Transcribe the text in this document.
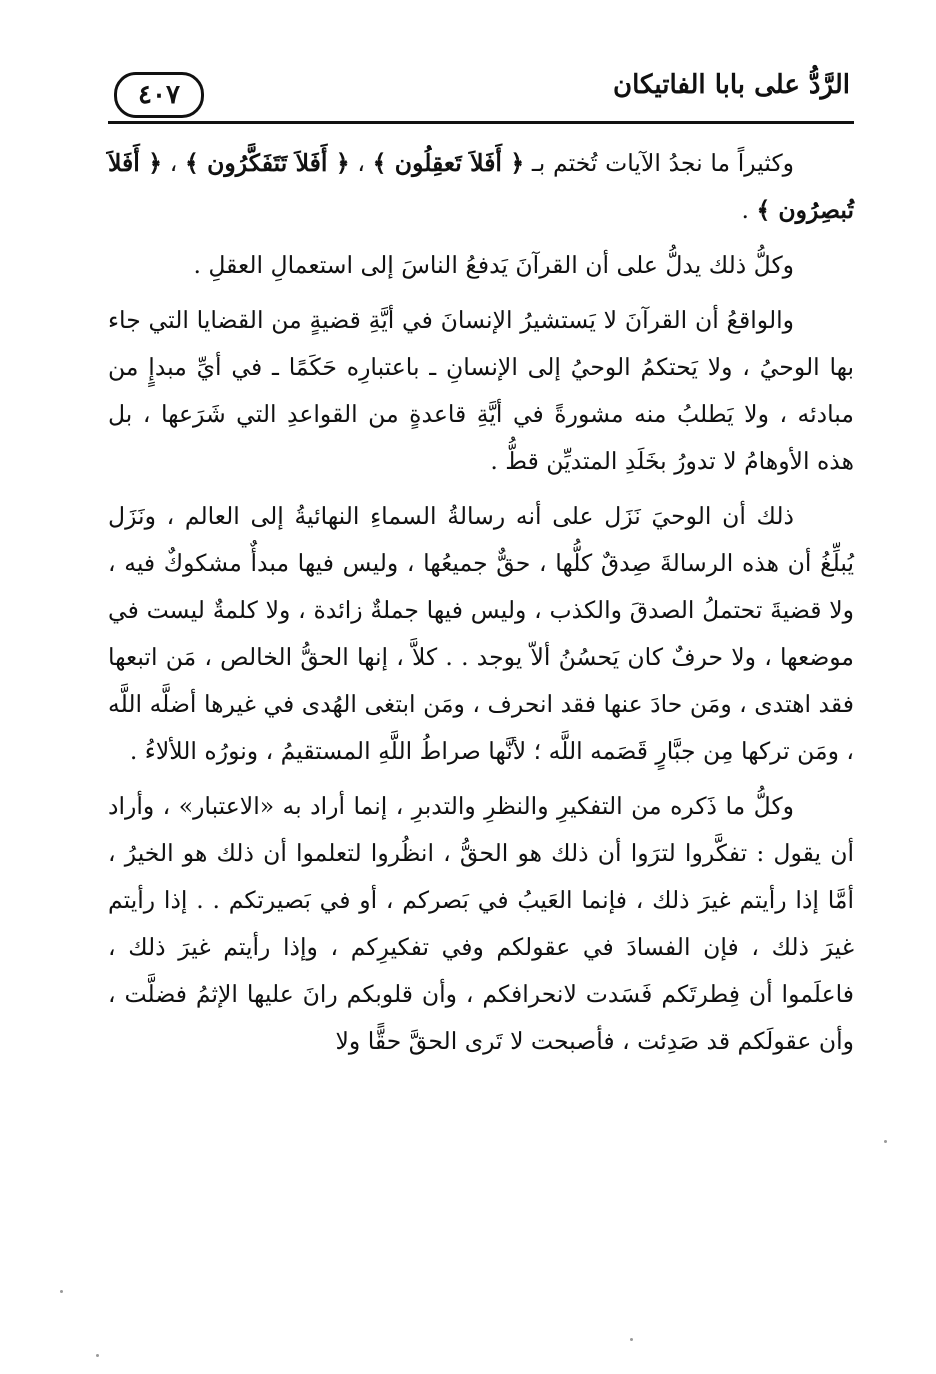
الرَّدُّ على بابا الفاتيكان
٤٠٧

وكثيراً ما نجدُ الآيات تُختم بـ ﴿ أَفَلاَ تَعقِلُون ﴾ ، ﴿ أَفَلاَ تَتَفَكَّرُون ﴾ ، ﴿ أَفَلاَ تُبصِرُون ﴾ .

وكلُّ ذلك يدلُّ على أن القرآنَ يَدفعُ الناسَ إلى استعمالِ العقلِ .

والواقعُ أن القرآنَ لا يَستشيرُ الإنسانَ في أيَّةِ قضيةٍ من القضايا التي جاء بها الوحيُ ، ولا يَحتكمُ الوحيُ إلى الإنسانِ ـ باعتبارِه حَكَمًا ـ في أيِّ مبدإٍ من مبادئه ، ولا يَطلبُ منه مشورةً في أيَّةِ قاعدةٍ من القواعدِ التي شَرَعها ، بل هذه الأوهامُ لا تدورُ بخَلَدِ المتديِّن قطُّ .

ذلك أن الوحيَ نَزَل على أنه رسالةُ السماءِ النهائيةُ إلى العالم ، ونَزَل يُبلِّغُ أن هذه الرسالةَ صِدقٌ كلُّها ، حقٌّ جميعُها ، وليس فيها مبدأٌ مشكوكٌ فيه ، ولا قضيةَ تحتملُ الصدقَ والكذب ، وليس فيها جملةٌ زائدة ، ولا كلمةٌ ليست في موضعها ، ولا حرفٌ كان يَحسُنُ ألاّ يوجد . . كلاَّ ، إنها الحقُّ الخالص ، مَن اتبعها فقد اهتدى ، ومَن حادَ عنها فقد انحرف ، ومَن ابتغى الهُدى في غيرها أضلَّه اللَّه ، ومَن تركها مِن جبَّارٍ قَصَمه اللَّه ؛ لأنَّها صراطُ اللَّهِ المستقيمُ ، ونورُه اللألاءُ .

وكلُّ ما ذَكره من التفكيرِ والنظرِ والتدبرِ ، إنما أراد به «الاعتبار» ، وأراد أن يقول : تفكَّروا لترَوا أن ذلك هو الحقُّ ، انظُروا لتعلموا أن ذلك هو الخيرُ ، أمَّا إذا رأيتم غيرَ ذلك ، فإنما العَيبُ في بَصركم ، أو في بَصيرتكم . . إذا رأيتم غيرَ ذلك ، فإن الفسادَ في عقولكم وفي تفكيرِكم ، وإذا رأيتم غيرَ ذلك ، فاعلَموا أن فِطرتَكم فَسَدت لانحرافكم ، وأن قلوبكم رانَ عليها الإثمُ فضلَّت ، وأن عقولَكم قد صَدِئت ، فأصبحت لا تَرى الحقَّ حقًّا ولا
